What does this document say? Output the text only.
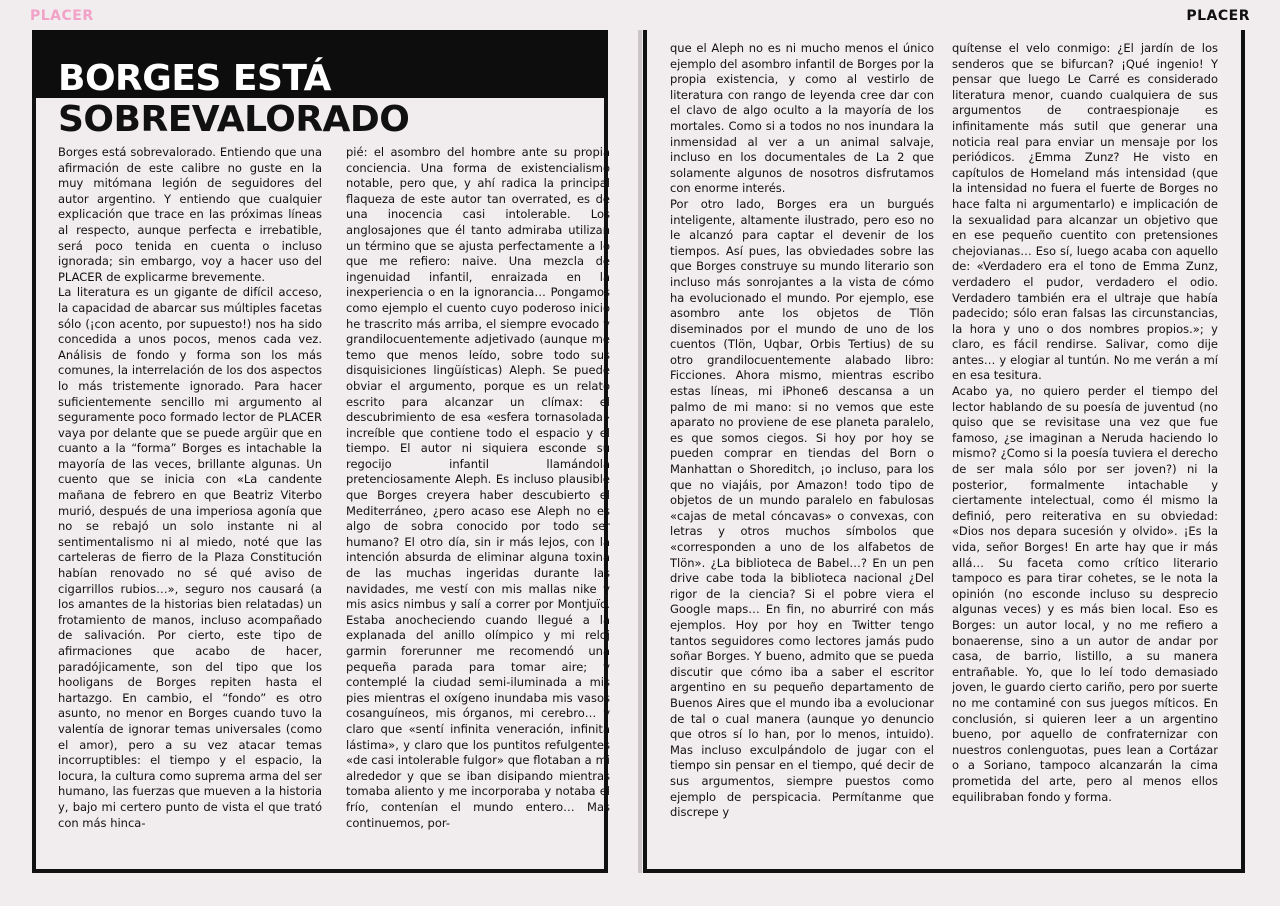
PLACER
BORGES ESTÁ
SOBREVALORADO

Borges está sobrevalorado. Entiendo que una afirmación de este calibre no guste en la muy mitómana legión de seguidores del autor argentino. Y entiendo que cualquier explicación que trace en las próximas líneas al respecto, aunque perfecta e irrebatible, será poco tenida en cuenta o incluso ignorada; sin embargo, voy a hacer uso del PLACER de explicarme brevemente.

La literatura es un gigante de difícil acceso, la capacidad de abarcar sus múltiples facetas sólo (¡con acento, por supuesto!) nos ha sido concedida a unos pocos, menos cada vez. Análisis de fondo y forma son los más comunes, la interrelación de los dos aspectos lo más tristemente ignorado. Para hacer suficientemente sencillo mi argumento al seguramente poco formado lector de PLACER vaya por delante que se puede argüir que en cuanto a la “forma” Borges es intachable la mayoría de las veces, brillante algunas. Un cuento que se inicia con «La candente mañana de febrero en que Beatriz Viterbo murió, después de una imperiosa agonía que no se rebajó un solo instante ni al sentimentalismo ni al miedo, noté que las carteleras de fierro de la Plaza Constitución habían renovado no sé qué aviso de cigarrillos rubios…», seguro nos causará (a los amantes de la historias bien relatadas) un frotamiento de manos, incluso acompañado de salivación. Por cierto, este tipo de afirmaciones que acabo de hacer, paradójicamente, son del tipo que los hooligans de Borges repiten hasta el hartazgo. En cambio, el “fondo” es otro asunto, no menor en Borges cuando tuvo la valentía de ignorar temas universales (como el amor), pero a su vez atacar temas incorruptibles: el tiempo y el espacio, la locura, la cultura como suprema arma del ser humano, las fuerzas que mueven a la historia y, bajo mi certero punto de vista el que trató con más hinca-

pié: el asombro del hombre ante su propia conciencia. Una forma de existencialismo notable, pero que, y ahí radica la principal flaqueza de este autor tan overrated, es de una inocencia casi intolerable. Los anglosajones que él tanto admiraba utilizan un término que se ajusta perfectamente a lo que me refiero: naive. Una mezcla de ingenuidad infantil, enraizada en la inexperiencia o en la ignorancia… Pongamos como ejemplo el cuento cuyo poderoso inicio he trascrito más arriba, el siempre evocado y grandilocuentemente adjetivado (aunque me temo que menos leído, sobre todo sus disquisiciones lingüísticas) Aleph. Se puede obviar el argumento, porque es un relato escrito para alcanzar un clímax: el descubrimiento de esa «esfera tornasolada» increíble que contiene todo el espacio y el tiempo. El autor ni siquiera esconde su regocijo infantil llamándola pretenciosamente Aleph. Es incluso plausible que Borges creyera haber descubierto el Mediterráneo, ¿pero acaso ese Aleph no es algo de sobra conocido por todo ser humano? El otro día, sin ir más lejos, con la intención absurda de eliminar alguna toxina de las muchas ingeridas durante las navidades, me vestí con mis mallas nike y mis asics nimbus y salí a correr por Montjuïc. Estaba anocheciendo cuando llegué a la explanada del anillo olímpico y mi reloj garmin forerunner me recomendó una pequeña parada para tomar aire; y contemplé la ciudad semi-iluminada a mis pies mientras el oxígeno inundaba mis vasos cosanguíneos, mis órganos, mi cerebro… y claro que «sentí infinita veneración, infinita lástima», y claro que los puntitos refulgentes «de casi intolerable fulgor» que flotaban a mi alrededor y que se iban disipando mientras tomaba aliento y me incorporaba y notaba el frío, contenían el mundo entero… Mas continuemos, por-

PLACER

que el Aleph no es ni mucho menos el único ejemplo del asombro infantil de Borges por la propia existencia, y como al vestirlo de literatura con rango de leyenda cree dar con el clavo de algo oculto a la mayoría de los mortales. Como si a todos no nos inundara la inmensidad al ver a un animal salvaje, incluso en los documentales de La 2 que solamente algunos de nosotros disfrutamos con enorme interés.

Por otro lado, Borges era un burgués inteligente, altamente ilustrado, pero eso no le alcanzó para captar el devenir de los tiempos. Así pues, las obviedades sobre las que Borges construye su mundo literario son incluso más sonrojantes a la vista de cómo ha evolucionado el mundo. Por ejemplo, ese asombro ante los objetos de Tlön diseminados por el mundo de uno de los cuentos (Tlön, Uqbar, Orbis Tertius) de su otro grandilocuentemente alabado libro: Ficciones. Ahora mismo, mientras escribo estas líneas, mi iPhone6 descansa a un palmo de mi mano: si no vemos que este aparato no proviene de ese planeta paralelo, es que somos ciegos. Si hoy por hoy se pueden comprar en tiendas del Born o Manhattan o Shoreditch, ¡o incluso, para los que no viajáis, por Amazon! todo tipo de objetos de un mundo paralelo en fabulosas «cajas de metal cóncavas» o convexas, con letras y otros muchos símbolos que «corresponden a uno de los alfabetos de Tlön». ¿La biblioteca de Babel…? En un pen drive cabe toda la biblioteca nacional ¿Del rigor de la ciencia? Si el pobre viera el Google maps… En fin, no aburriré con más ejemplos. Hoy por hoy en Twitter tengo tantos seguidores como lectores jamás pudo soñar Borges. Y bueno, admito que se pueda discutir que cómo iba a saber el escritor argentino en su pequeño departamento de Buenos Aires que el mundo iba a evolucionar de tal o cual manera (aunque yo denuncio que otros sí lo han, por lo menos, intuido). Mas incluso exculpándolo de jugar con el tiempo sin pensar en el tiempo, qué decir de sus argumentos, siempre puestos como ejemplo de perspicacia. Permítanme que discrepe y

quítense el velo conmigo: ¿El jardín de los senderos que se bifurcan? ¡Qué ingenio! Y pensar que luego Le Carré es considerado literatura menor, cuando cualquiera de sus argumentos de contraespionaje es infinitamente más sutil que generar una noticia real para enviar un mensaje por los periódicos. ¿Emma Zunz? He visto en capítulos de Homeland más intensidad (que la intensidad no fuera el fuerte de Borges no hace falta ni argumentarlo) e implicación de la sexualidad para alcanzar un objetivo que en ese pequeño cuentito con pretensiones chejovianas… Eso sí, luego acaba con aquello de: «Verdadero era el tono de Emma Zunz, verdadero el pudor, verdadero el odio. Verdadero también era el ultraje que había padecido; sólo eran falsas las circunstancias, la hora y uno o dos nombres propios.»; y claro, es fácil rendirse. Salivar, como dije antes… y elogiar al tuntún. No me verán a mí en esa tesitura.

Acabo ya, no quiero perder el tiempo del lector hablando de su poesía de juventud (no quiso que se revisitase una vez que fue famoso, ¿se imaginan a Neruda haciendo lo mismo? ¿Como si la poesía tuviera el derecho de ser mala sólo por ser joven?) ni la posterior, formalmente intachable y ciertamente intelectual, como él mismo la definió, pero reiterativa en su obviedad: «Dios nos depara sucesión y olvido». ¡Es la vida, señor Borges! En arte hay que ir más allá… Su faceta como crítico literario tampoco es para tirar cohetes, se le nota la opinión (no esconde incluso su desprecio algunas veces) y es más bien local. Eso es Borges: un autor local, y no me refiero a bonaerense, sino a un autor de andar por casa, de barrio, listillo, a su manera entrañable. Yo, que lo leí todo demasiado joven, le guardo cierto cariño, pero por suerte no me contaminé con sus juegos míticos. En conclusión, si quieren leer a un argentino bueno, por aquello de confraternizar con nuestros conlenguotas, pues lean a Cortázar o a Soriano, tampoco alcanzarán la cima prometida del arte, pero al menos ellos equilibraban fondo y forma.
